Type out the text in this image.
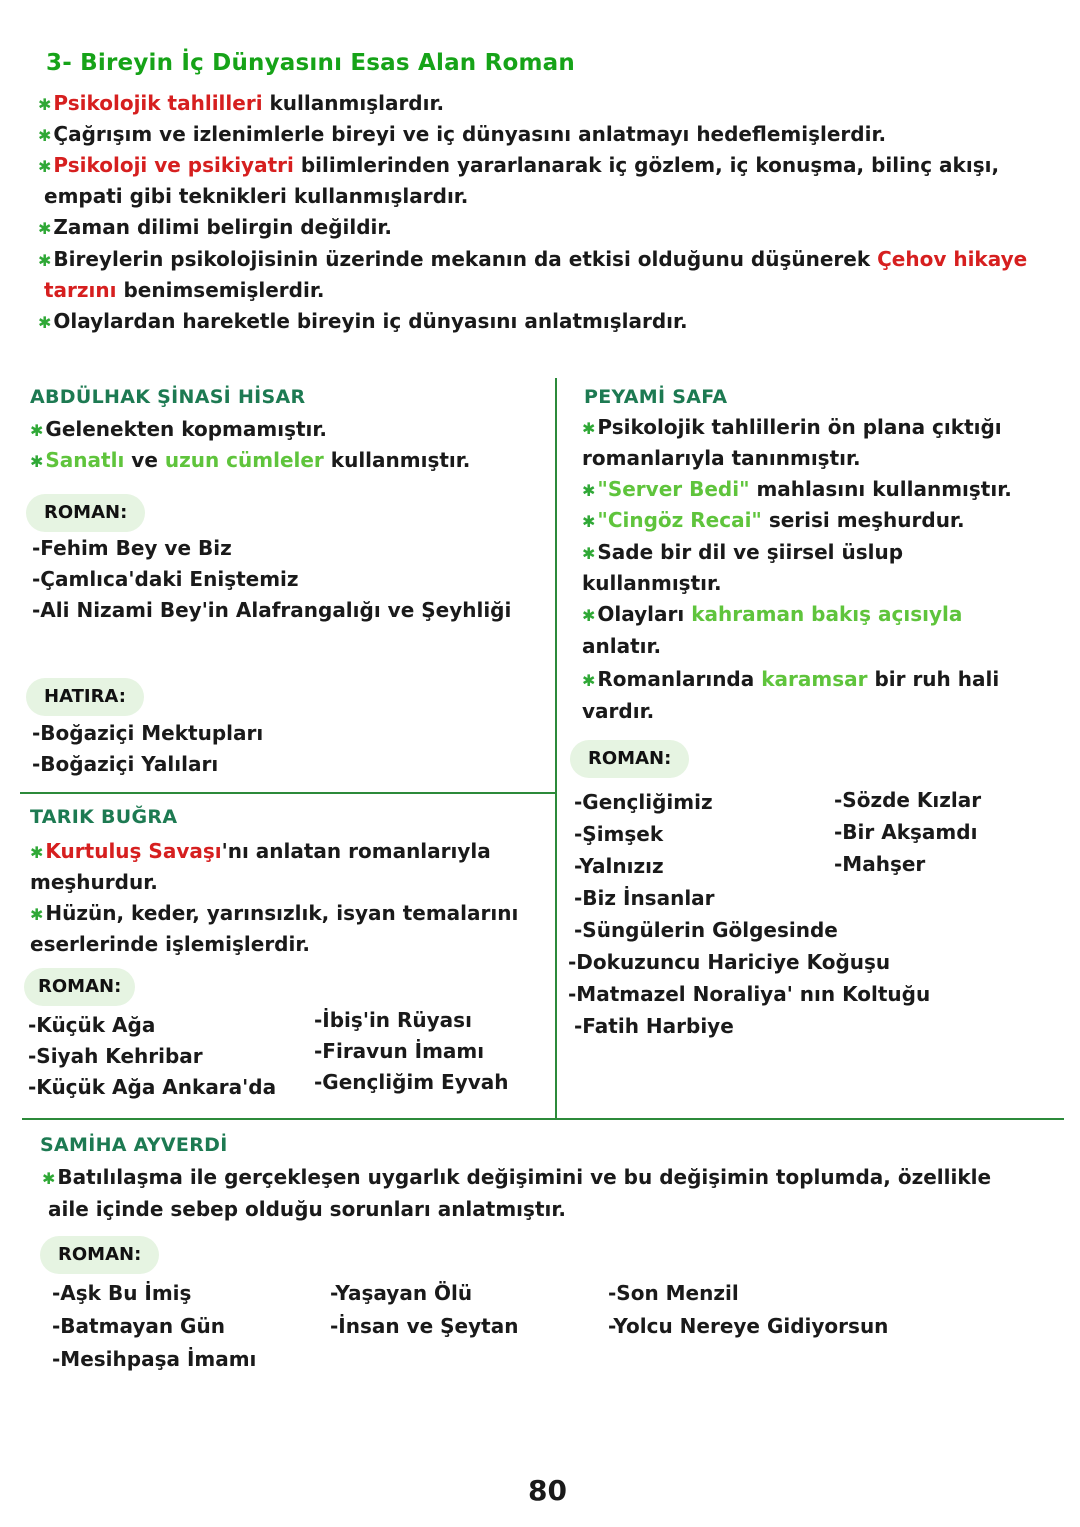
3- Bireyin İç Dünyasını Esas Alan Roman
✱ Psikolojik tahlilleri kullanmışlardır.
✱ Çağrışım ve izlenimlerle bireyi ve iç dünyasını anlatmayı hedeflemişlerdir.
✱ Psikoloji ve psikiyatri bilimlerinden yararlanarak iç gözlem, iç konuşma, bilinç akışı,
empati gibi teknikleri kullanmışlardır.
✱ Zaman dilimi belirgin değildir.
✱ Bireylerin psikolojisinin üzerinde mekanın da etkisi olduğunu düşünerek Çehov hikaye
tarzını benimsemişlerdir.
✱ Olaylardan hareketle bireyin iç dünyasını anlatmışlardır.
ABDÜLHAK ŞİNASİ HİSAR
✱ Gelenekten kopmamıştır.
✱ Sanatlı ve uzun cümleler kullanmıştır.
ROMAN:
-Fehim Bey ve Biz
-Çamlıca'daki Eniştemiz
-Ali Nizami Bey'in Alafrangalığı ve Şeyhliği
HATIRA:
-Boğaziçi Mektupları
-Boğaziçi Yalıları
TARIK BUĞRA
✱ Kurtuluş Savaşı'nı anlatan romanlarıyla
meşhurdur.
✱ Hüzün, keder, yarınsızlık, isyan temalarını
eserlerinde işlemişlerdir.
ROMAN:
-Küçük Ağa
-Siyah Kehribar
-Küçük Ağa Ankara'da
-İbiş'in Rüyası
-Firavun İmamı
-Gençliğim Eyvah
PEYAMİ SAFA
✱ Psikolojik tahlillerin ön plana çıktığı
romanlarıyla tanınmıştır.
✱ "Server Bedi" mahlasını kullanmıştır.
✱ "Cingöz Recai" serisi meşhurdur.
✱ Sade bir dil ve şiirsel üslup
kullanmıştır.
✱ Olayları kahraman bakış açısıyla
anlatır.
✱ Romanlarında karamsar bir ruh hali
vardır.
ROMAN:
-Gençliğimiz
-Şimşek
-Yalnızız
-Biz İnsanlar
-Süngülerin Gölgesinde
-Dokuzuncu Hariciye Koğuşu
-Matmazel Noraliya' nın Koltuğu
-Fatih Harbiye
-Sözde Kızlar
-Bir Akşamdı
-Mahşer
SAMİHA AYVERDİ
✱ Batılılaşma ile gerçekleşen uygarlık değişimini ve bu değişimin toplumda, özellikle
aile içinde sebep olduğu sorunları anlatmıştır.
ROMAN:
-Aşk Bu İmiş
-Batmayan Gün
-Mesihpaşa İmamı
-Yaşayan Ölü
-İnsan ve Şeytan
-Son Menzil
-Yolcu Nereye Gidiyorsun
80
